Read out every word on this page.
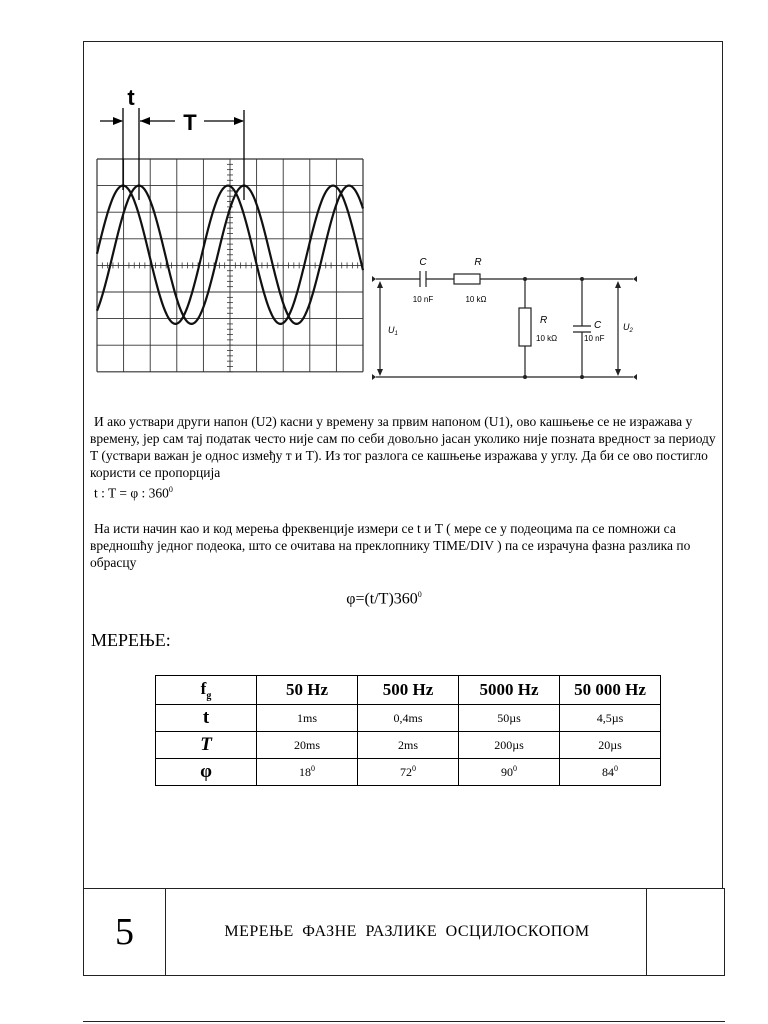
t
T
C
10 nF
R
10 kΩ
R
10 kΩ
C
10 nF
$U_1$
$U_2$
И ако уствари други напон (U2) касни у времену за првим напоном (U1), ово кашњење се не изражава у времену, јер сам тај податак често није сам по себи довољно јасан уколико није позната вредност за периоду T (уствари важан је однос између т и T). Из тог разлога се кашњење изражава у углу. Да би се ово постигло користи се пропорција
t : T = φ : $360^0$
На исти начин као и код мерења фреквенције измери се t и T ( мере се у подеоцима па се помножи са вредношћу једног подеока, што се очитава на преклопнику TIME/DIV ) па се израчуна фазна разлика по обрасцу
$\varphi=(t/T)360^0$
МЕРЕЊЕ:
$f_g$	50 Hz	500 Hz	5000 Hz	50 000 Hz
t	1ms	0,4ms	50µs	4,5µs
T	20ms	2ms	200µs	20µs
φ	$18^0$	$72^0$	$90^0$	$84^0$
5	МЕРЕЊЕ ФАЗНЕ РАЗЛИКЕ ОСЦИЛОСКОПОМ
